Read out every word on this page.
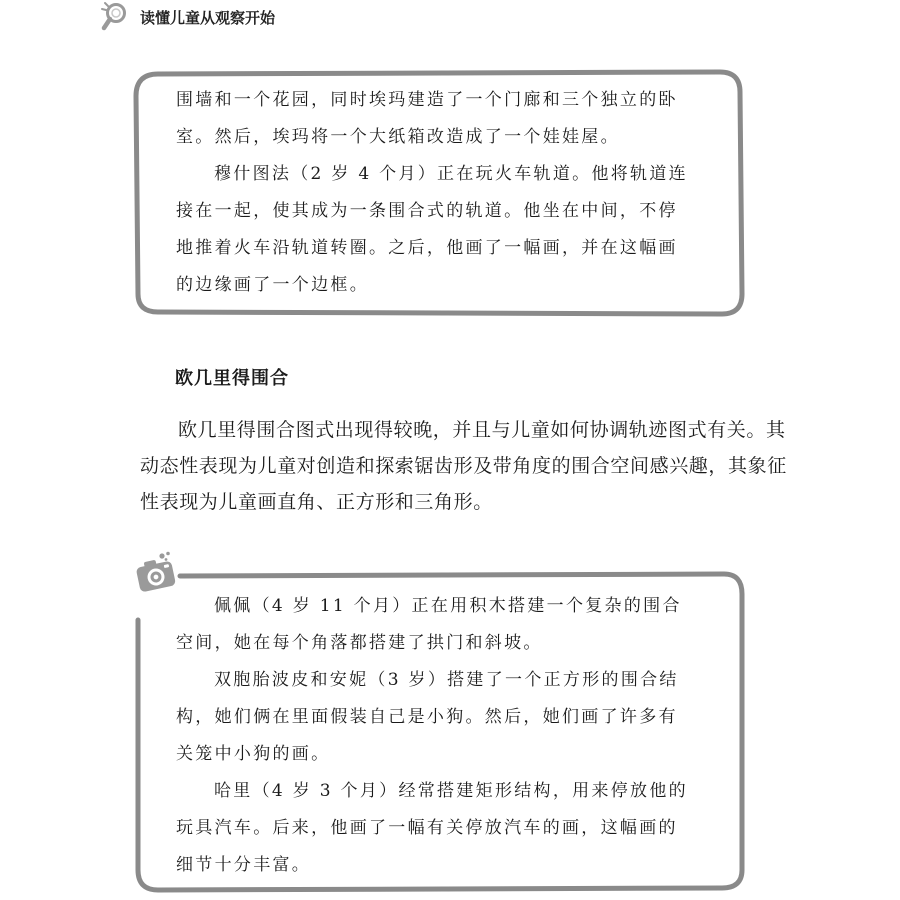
读懂儿童从观察开始

围墙和一个花园，同时埃玛建造了一个门廊和三个独立的卧

室。然后，埃玛将一个大纸箱改造成了一个娃娃屋。

穆什图法（2 岁 4 个月）正在玩火车轨道。他将轨道连

接在一起，使其成为一条围合式的轨道。他坐在中间，不停

地推着火车沿轨道转圈。之后，他画了一幅画，并在这幅画

的边缘画了一个边框。

欧几里得围合

欧几里得围合图式出现得较晚，并且与儿童如何协调轨迹图式有关。其动态性表现为儿童对创造和探索锯齿形及带角度的围合空间感兴趣，其象征性表现为儿童画直角、正方形和三角形。

佩佩（4 岁 11 个月）正在用积木搭建一个复杂的围合

空间，她在每个角落都搭建了拱门和斜坡。

双胞胎波皮和安妮（3 岁）搭建了一个正方形的围合结

构，她们俩在里面假装自己是小狗。然后，她们画了许多有

关笼中小狗的画。

哈里（4 岁 3 个月）经常搭建矩形结构，用来停放他的

玩具汽车。后来，他画了一幅有关停放汽车的画，这幅画的

细节十分丰富。
